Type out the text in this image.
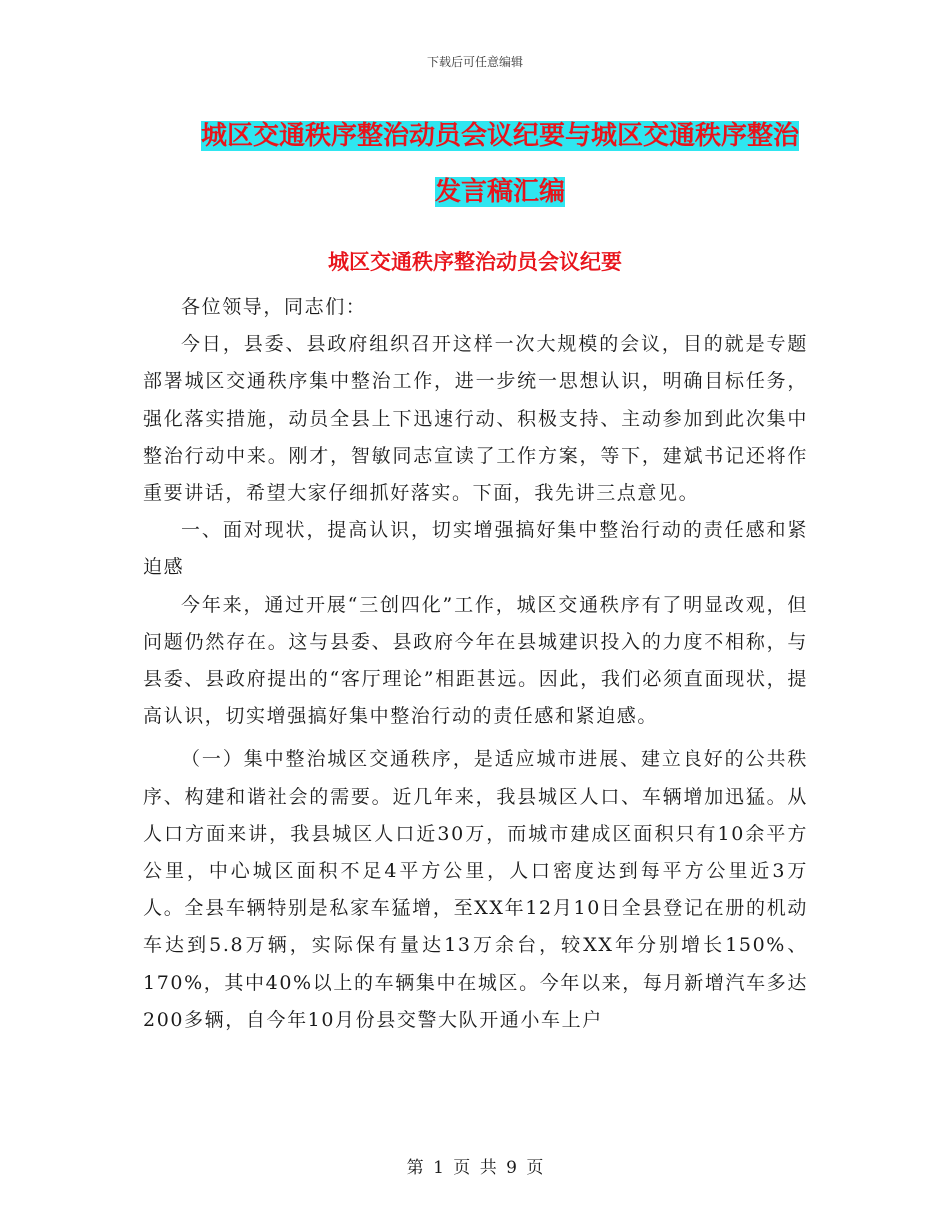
下载后可任意编辑
城区交通秩序整治动员会议纪要与城区交通秩序整治
发言稿汇编
城区交通秩序整治动员会议纪要

各位领导，同志们：

今日，县委、县政府组织召开这样一次大规模的会议，目的就是专题部署城区交通秩序集中整治工作，进一步统一思想认识，明确目标任务，强化落实措施，动员全县上下迅速行动、积极支持、主动参加到此次集中整治行动中来。刚才，智敏同志宣读了工作方案，等下，建斌书记还将作重要讲话，希望大家仔细抓好落实。下面，我先讲三点意见。

一、面对现状，提高认识，切实增强搞好集中整治行动的责任感和紧迫感

今年来，通过开展“三创四化”工作，城区交通秩序有了明显改观，但问题仍然存在。这与县委、县政府今年在县城建识投入的力度不相称，与县委、县政府提出的“客厅理论”相距甚远。因此，我们必须直面现状，提高认识，切实增强搞好集中整治行动的责任感和紧迫感。

（一）集中整治城区交通秩序，是适应城市进展、建立良好的公共秩序、构建和谐社会的需要。近几年来，我县城区人口、车辆增加迅猛。从人口方面来讲，我县城区人口近30万，而城市建成区面积只有10余平方公里，中心城区面积不足4平方公里，人口密度达到每平方公里近3万人。全县车辆特别是私家车猛增，至XX年12月10日全县登记在册的机动车达到5.8万辆，实际保有量达13万余台，较XX年分别增长150%、170%，其中40%以上的车辆集中在城区。今年以来，每月新增汽车多达200多辆，自今年10月份县交警大队开通小车上户

第 1 页 共 9 页
